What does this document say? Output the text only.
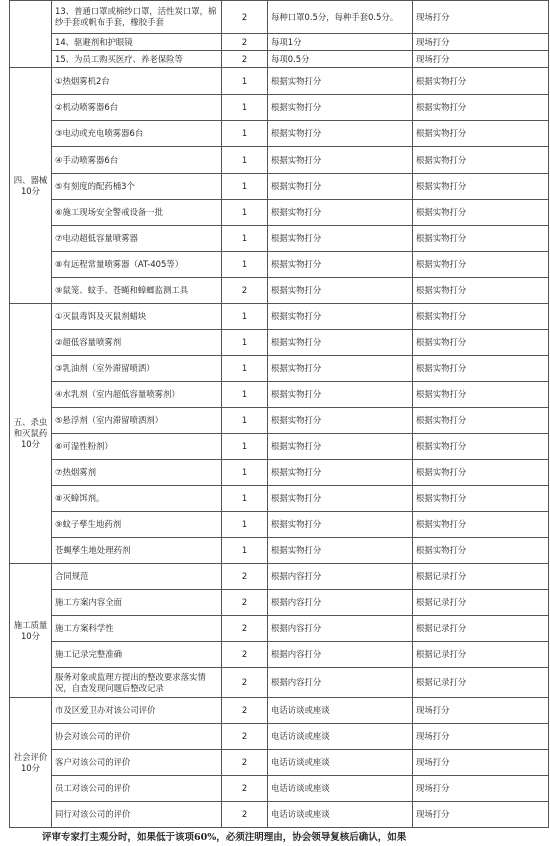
	13、普通口罩或棉纱口罩，活性炭口罩，棉纱手套或帆布手套，橡胶手套	2	每种口罩0.5分，每种手套0.5分。	现场打分
	14、驱避剂和护眼镜	2	每项1分	现场打分
	15、为员工购买医疗、养老保险等	2	每项0.5分	现场打分
四、器械 10分	①热烟雾机2台	1	根据实物打分	根据实物打分
	②机动喷雾器6台	1	根据实物打分	根据实物打分
	③电动或充电喷雾器6台	1	根据实物打分	根据实物打分
	④手动喷雾器6台	1	根据实物打分	根据实物打分
	⑤有刻度的配药桶3个	1	根据实物打分	根据实物打分
	⑥施工现场安全警戒设备一批	1	根据实物打分	根据实物打分
	⑦电动超低容量喷雾器	1	根据实物打分	根据实物打分
	⑧有远程常量喷雾器（AT-405等）	1	根据实物打分	根据实物打分
	⑨鼠笼、蚊手、苍蝇和蟑螂监测工具	2	根据实物打分	根据实物打分
五、杀虫和灭鼠药 10分	①灭鼠毒饵及灭鼠剂蜡块	1	根据实物打分	根据实物打分
	②超低容量喷雾剂	1	根据实物打分	根据实物打分
	③乳油剂（室外滞留喷洒）	1	根据实物打分	根据实物打分
	④水乳剂（室内超低容量喷雾剂）	1	根据实物打分	根据实物打分
	⑤悬浮剂（室内滞留喷洒剂）	1	根据实物打分	根据实物打分
	⑥可湿性粉剂）	1	根据实物打分	根据实物打分
	⑦热烟雾剂	1	根据实物打分	根据实物打分
	⑧灭蟑饵剂。	1	根据实物打分	根据实物打分
	⑨蚊子孳生地药剂	1	根据实物打分	根据实物打分
	苍蝇孳生地处理药剂	1	根据实物打分	根据实物打分
施工质量 10分	合同规范	2	根据内容打分	根据记录打分
	施工方案内容全面	2	根据内容打分	根据记录打分
	施工方案科学性	2	根据内容打分	根据记录打分
	施工记录完整准确	2	根据内容打分	根据记录打分
	服务对象或监理方提出的整改要求落实情况，自查发现问题后整改记录	2	根据内容打分	根据记录打分
社会评价 10分	市及区爱卫办对该公司评价	2	电话访谈或座谈	现场打分
	协会对该公司的评价	2	电话访谈或座谈	现场打分
	客户对该公司的评价	2	电话访谈或座谈	现场打分
	员工对该公司的评价	2	电话访谈或座谈	现场打分
	同行对该公司的评价	2	电话访谈或座谈	现场打分
评审专家打主观分时，如果低于该项60%，必须注明理由，协会领导复核后确认，如果
